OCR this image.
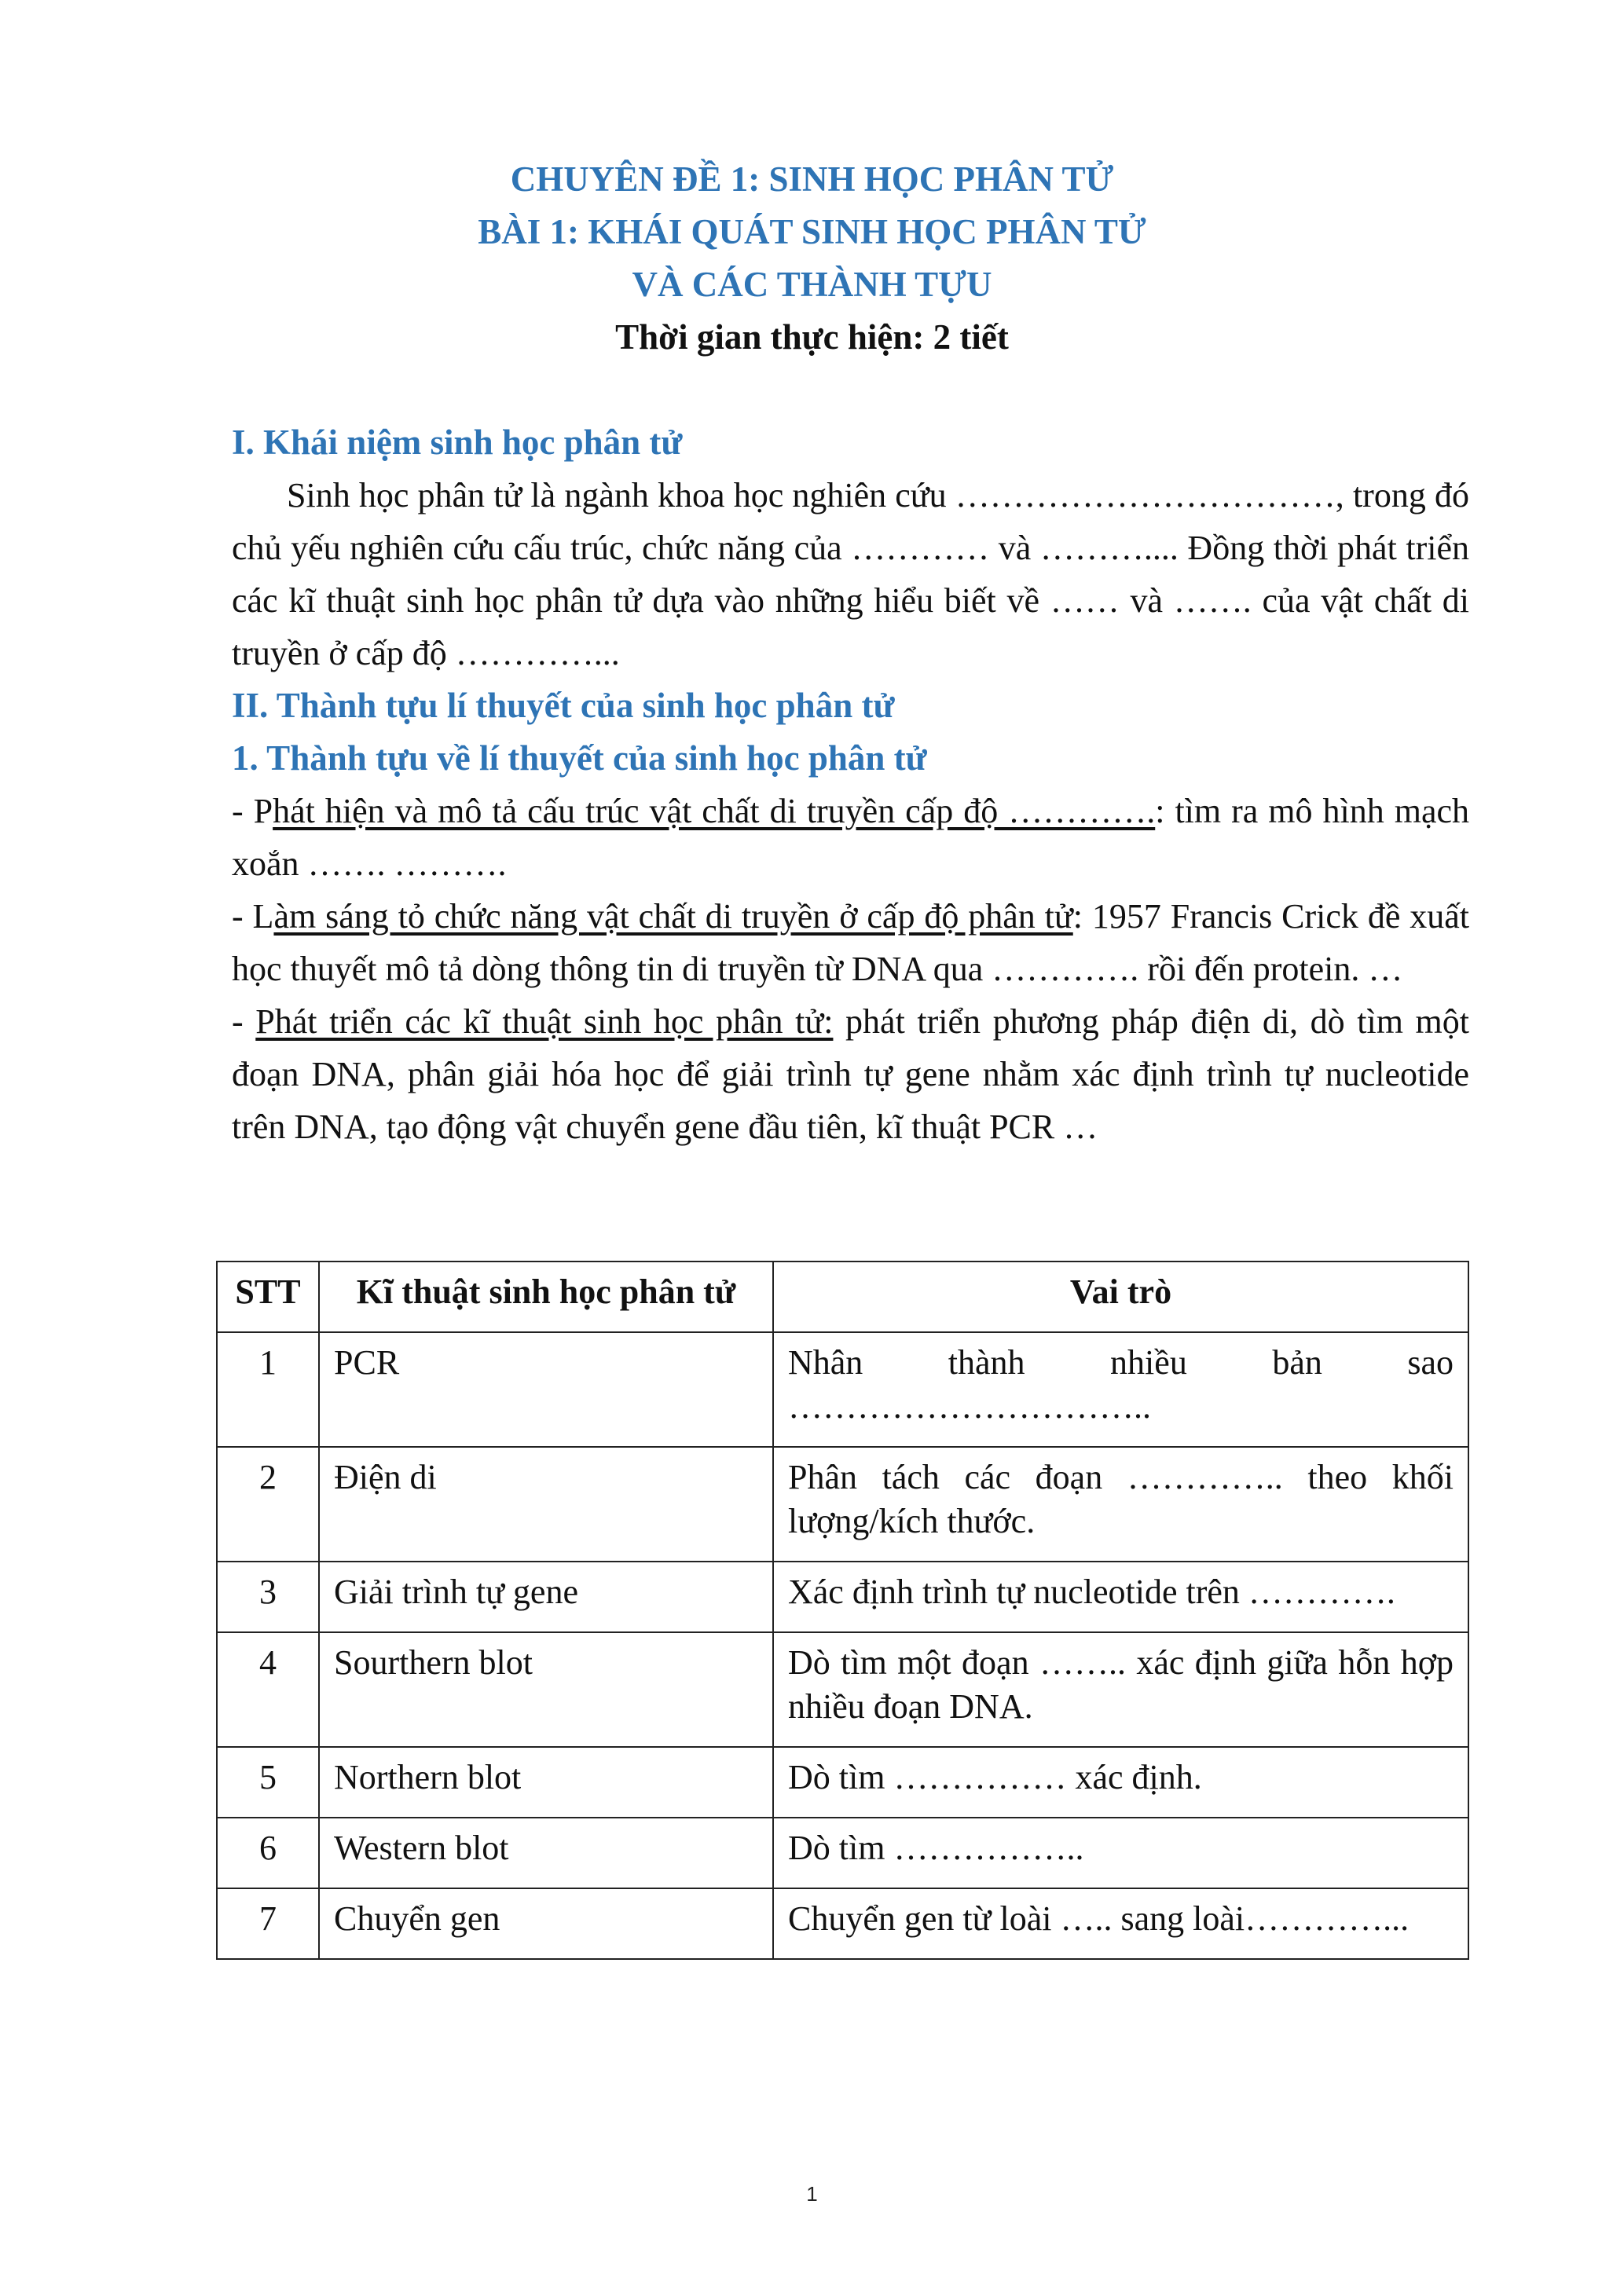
CHUYÊN ĐỀ 1: SINH HỌC PHÂN TỬ
BÀI 1: KHÁI QUÁT SINH HỌC PHÂN TỬ
VÀ CÁC THÀNH TỰU
Thời gian thực hiện: 2 tiết

I. Khái niệm sinh học phân tử

Sinh học phân tử là ngành khoa học nghiên cứu ……………………………, trong đó chủ yếu nghiên cứu cấu trúc, chức năng của ………… và ……….... Đồng thời phát triển các kĩ thuật sinh học phân tử dựa vào những hiểu biết về …… và ……. của vật chất di truyền ở cấp độ …………...

II. Thành tựu lí thuyết của sinh học phân tử

1. Thành tựu về lí thuyết của sinh học phân tử

- Phát hiện và mô tả cấu trúc vật chất di truyền cấp độ ………….: tìm ra mô hình mạch xoắn ……. ……….

- Làm sáng tỏ chức năng vật chất di truyền ở cấp độ phân tử: 1957 Francis Crick đề xuất học thuyết mô tả dòng thông tin di truyền từ DNA qua …………. rồi đến protein. …

- Phát triển các kĩ thuật sinh học phân tử: phát triển phương pháp điện di, dò tìm một đoạn DNA, phân giải hóa học để giải trình tự gene nhằm xác định trình tự nucleotide trên DNA, tạo động vật chuyển gene đầu tiên, kĩ thuật PCR …

STT	Kĩ thuật sinh học phân tử	Vai trò
1	PCR	Nhân thành nhiều bản sao …………………………..
2	Điện di	Phân tách các đoạn ………….. theo khối lượng/kích thước.
3	Giải trình tự gene	Xác định trình tự nucleotide trên ………….
4	Sourthern blot	Dò tìm một đoạn …….. xác định giữa hỗn hợp nhiều đoạn DNA.
5	Northern blot	Dò tìm …………… xác định.
6	Western blot	Dò tìm ……………..
7	Chuyển gen	Chuyển gen từ loài ….. sang loài…………...
1
